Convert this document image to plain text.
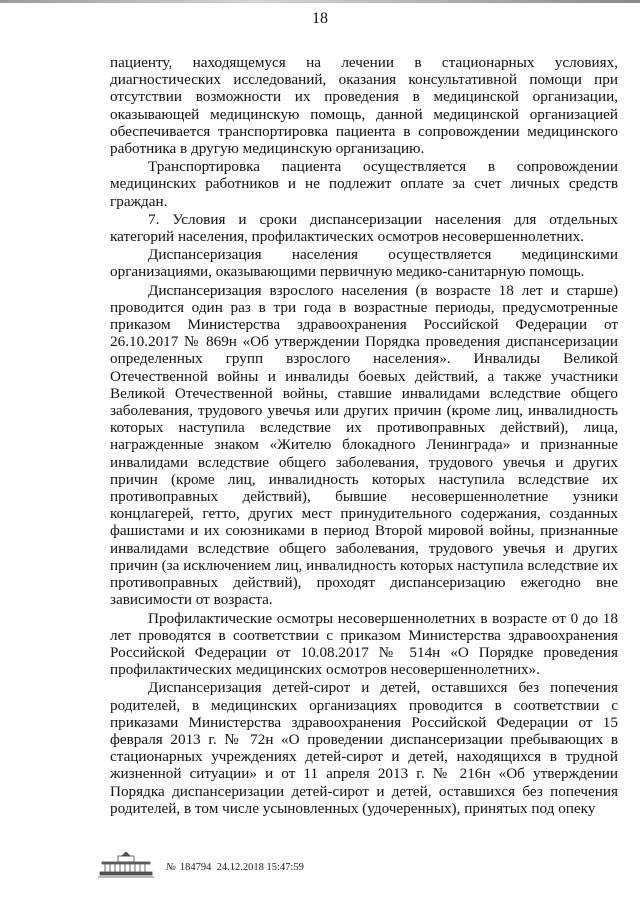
18

пациенту, находящемуся на лечении в стационарных условиях, диагностических исследований, оказания консультативной помощи при отсутствии возможности их проведения в медицинской организации, оказывающей медицинскую помощь, данной медицинской организацией обеспечивается транспортировка пациента в сопровождении медицинского работника в другую медицинскую организацию.

Транспортировка пациента осуществляется в сопровождении медицинских работников и не подлежит оплате за счет личных средств граждан.

7. Условия и сроки диспансеризации населения для отдельных категорий населения, профилактических осмотров несовершеннолетних.

Диспансеризация населения осуществляется медицинскими организациями, оказывающими первичную медико-санитарную помощь.

Диспансеризация взрослого населения (в возрасте 18 лет и старше) проводится один раз в три года в возрастные периоды, предусмотренные приказом Министерства здравоохранения Российской Федерации от 26.10.2017 № 869н «Об утверждении Порядка проведения диспансеризации определенных групп взрослого населения». Инвалиды Великой Отечественной войны и инвалиды боевых действий, а также участники Великой Отечественной войны, ставшие инвалидами вследствие общего заболевания, трудового увечья или других причин (кроме лиц, инвалидность которых наступила вследствие их противоправных действий), лица, награжденные знаком «Жителю блокадного Ленинграда» и признанные инвалидами вследствие общего заболевания, трудового увечья и других причин (кроме лиц, инвалидность которых наступила вследствие их противоправных действий), бывшие несовершеннолетние узники концлагерей, гетто, других мест принудительного содержания, созданных фашистами и их союзниками в период Второй мировой войны, признанные инвалидами вследствие общего заболевания, трудового увечья и других причин (за исключением лиц, инвалидность которых наступила вследствие их противоправных действий), проходят диспансеризацию ежегодно вне зависимости от возраста.

Профилактические осмотры несовершеннолетних в возрасте от 0 до 18 лет проводятся в соответствии с приказом Министерства здравоохранения Российской Федерации от 10.08.2017 № 514н «О Порядке проведения профилактических медицинских осмотров несовершеннолетних».

Диспансеризация детей-сирот и детей, оставшихся без попечения родителей, в медицинских организациях проводится в соответствии с приказами Министерства здравоохранения Российской Федерации от 15 февраля 2013 г. № 72н «О проведении диспансеризации пребывающих в стационарных учреждениях детей-сирот и детей, находящихся в трудной жизненной ситуации» и от 11 апреля 2013 г. № 216н «Об утверждении Порядка диспансеризации детей-сирот и детей, оставшихся без попечения родителей, в том числе усыновленных (удочеренных), принятых под опеку

№ 184794 24.12.2018 15:47:59
